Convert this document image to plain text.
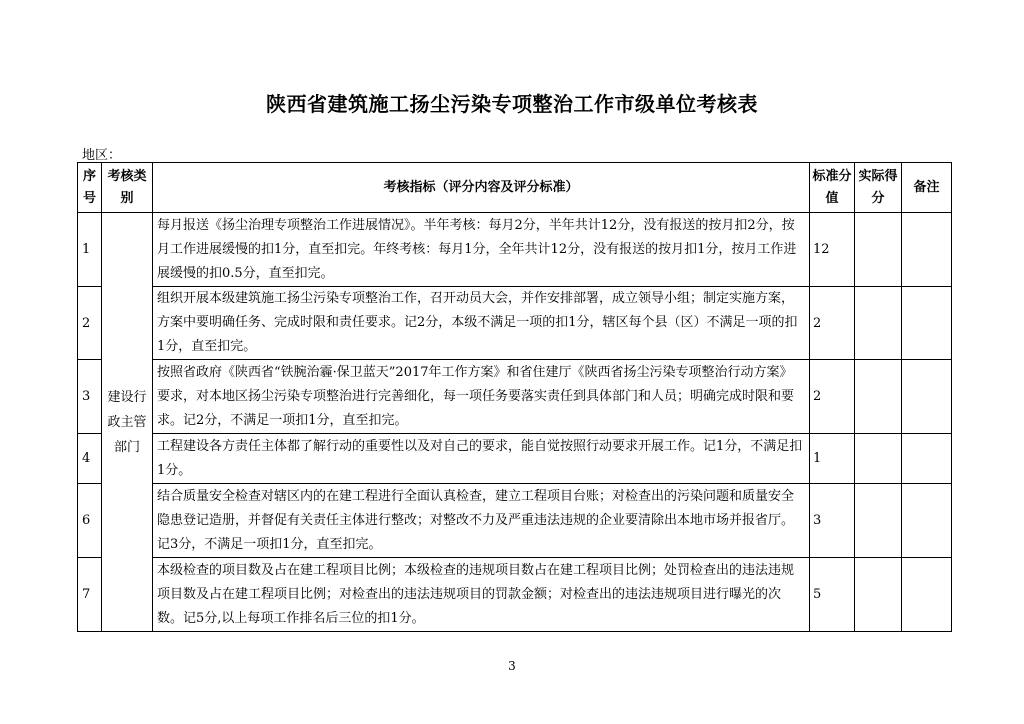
陕西省建筑施工扬尘污染专项整治工作市级单位考核表
地区：
序号	考核类别	考核指标（评分内容及评分标准）	标准分值	实际得分	备注
1	建设行政主管部门	每月报送《扬尘治理专项整治工作进展情况》。半年考核：每月2分，半年共计12分，没有报送的按月扣2分，按月工作进展缓慢的扣1分，直至扣完。年终考核：每月1分，全年共计12分，没有报送的按月扣1分，按月工作进展缓慢的扣0.5分，直至扣完。	12		
2		组织开展本级建筑施工扬尘污染专项整治工作，召开动员大会，并作安排部署，成立领导小组；制定实施方案，方案中要明确任务、完成时限和责任要求。记2分，本级不满足一项的扣1分，辖区每个县（区）不满足一项的扣1分，直至扣完。	2		
3		按照省政府《陕西省“铁腕治霾·保卫蓝天”2017年工作方案》和省住建厅《陕西省扬尘污染专项整治行动方案》要求，对本地区扬尘污染专项整治进行完善细化，每一项任务要落实责任到具体部门和人员；明确完成时限和要求。记2分，不满足一项扣1分，直至扣完。	2		
4		工程建设各方责任主体都了解行动的重要性以及对自己的要求，能自觉按照行动要求开展工作。记1分，不满足扣1分。	1		
6		结合质量安全检查对辖区内的在建工程进行全面认真检查，建立工程项目台账；对检查出的污染问题和质量安全隐患登记造册，并督促有关责任主体进行整改；对整改不力及严重违法违规的企业要清除出本地市场并报省厅。记3分，不满足一项扣1分，直至扣完。	3		
7		本级检查的项目数及占在建工程项目比例；本级检查的违规项目数占在建工程项目比例；处罚检查出的违法违规项目数及占在建工程项目比例；对检查出的违法违规项目的罚款金额；对检查出的违法违规项目进行曝光的次数。记5分,以上每项工作排名后三位的扣1分。	5		
3
